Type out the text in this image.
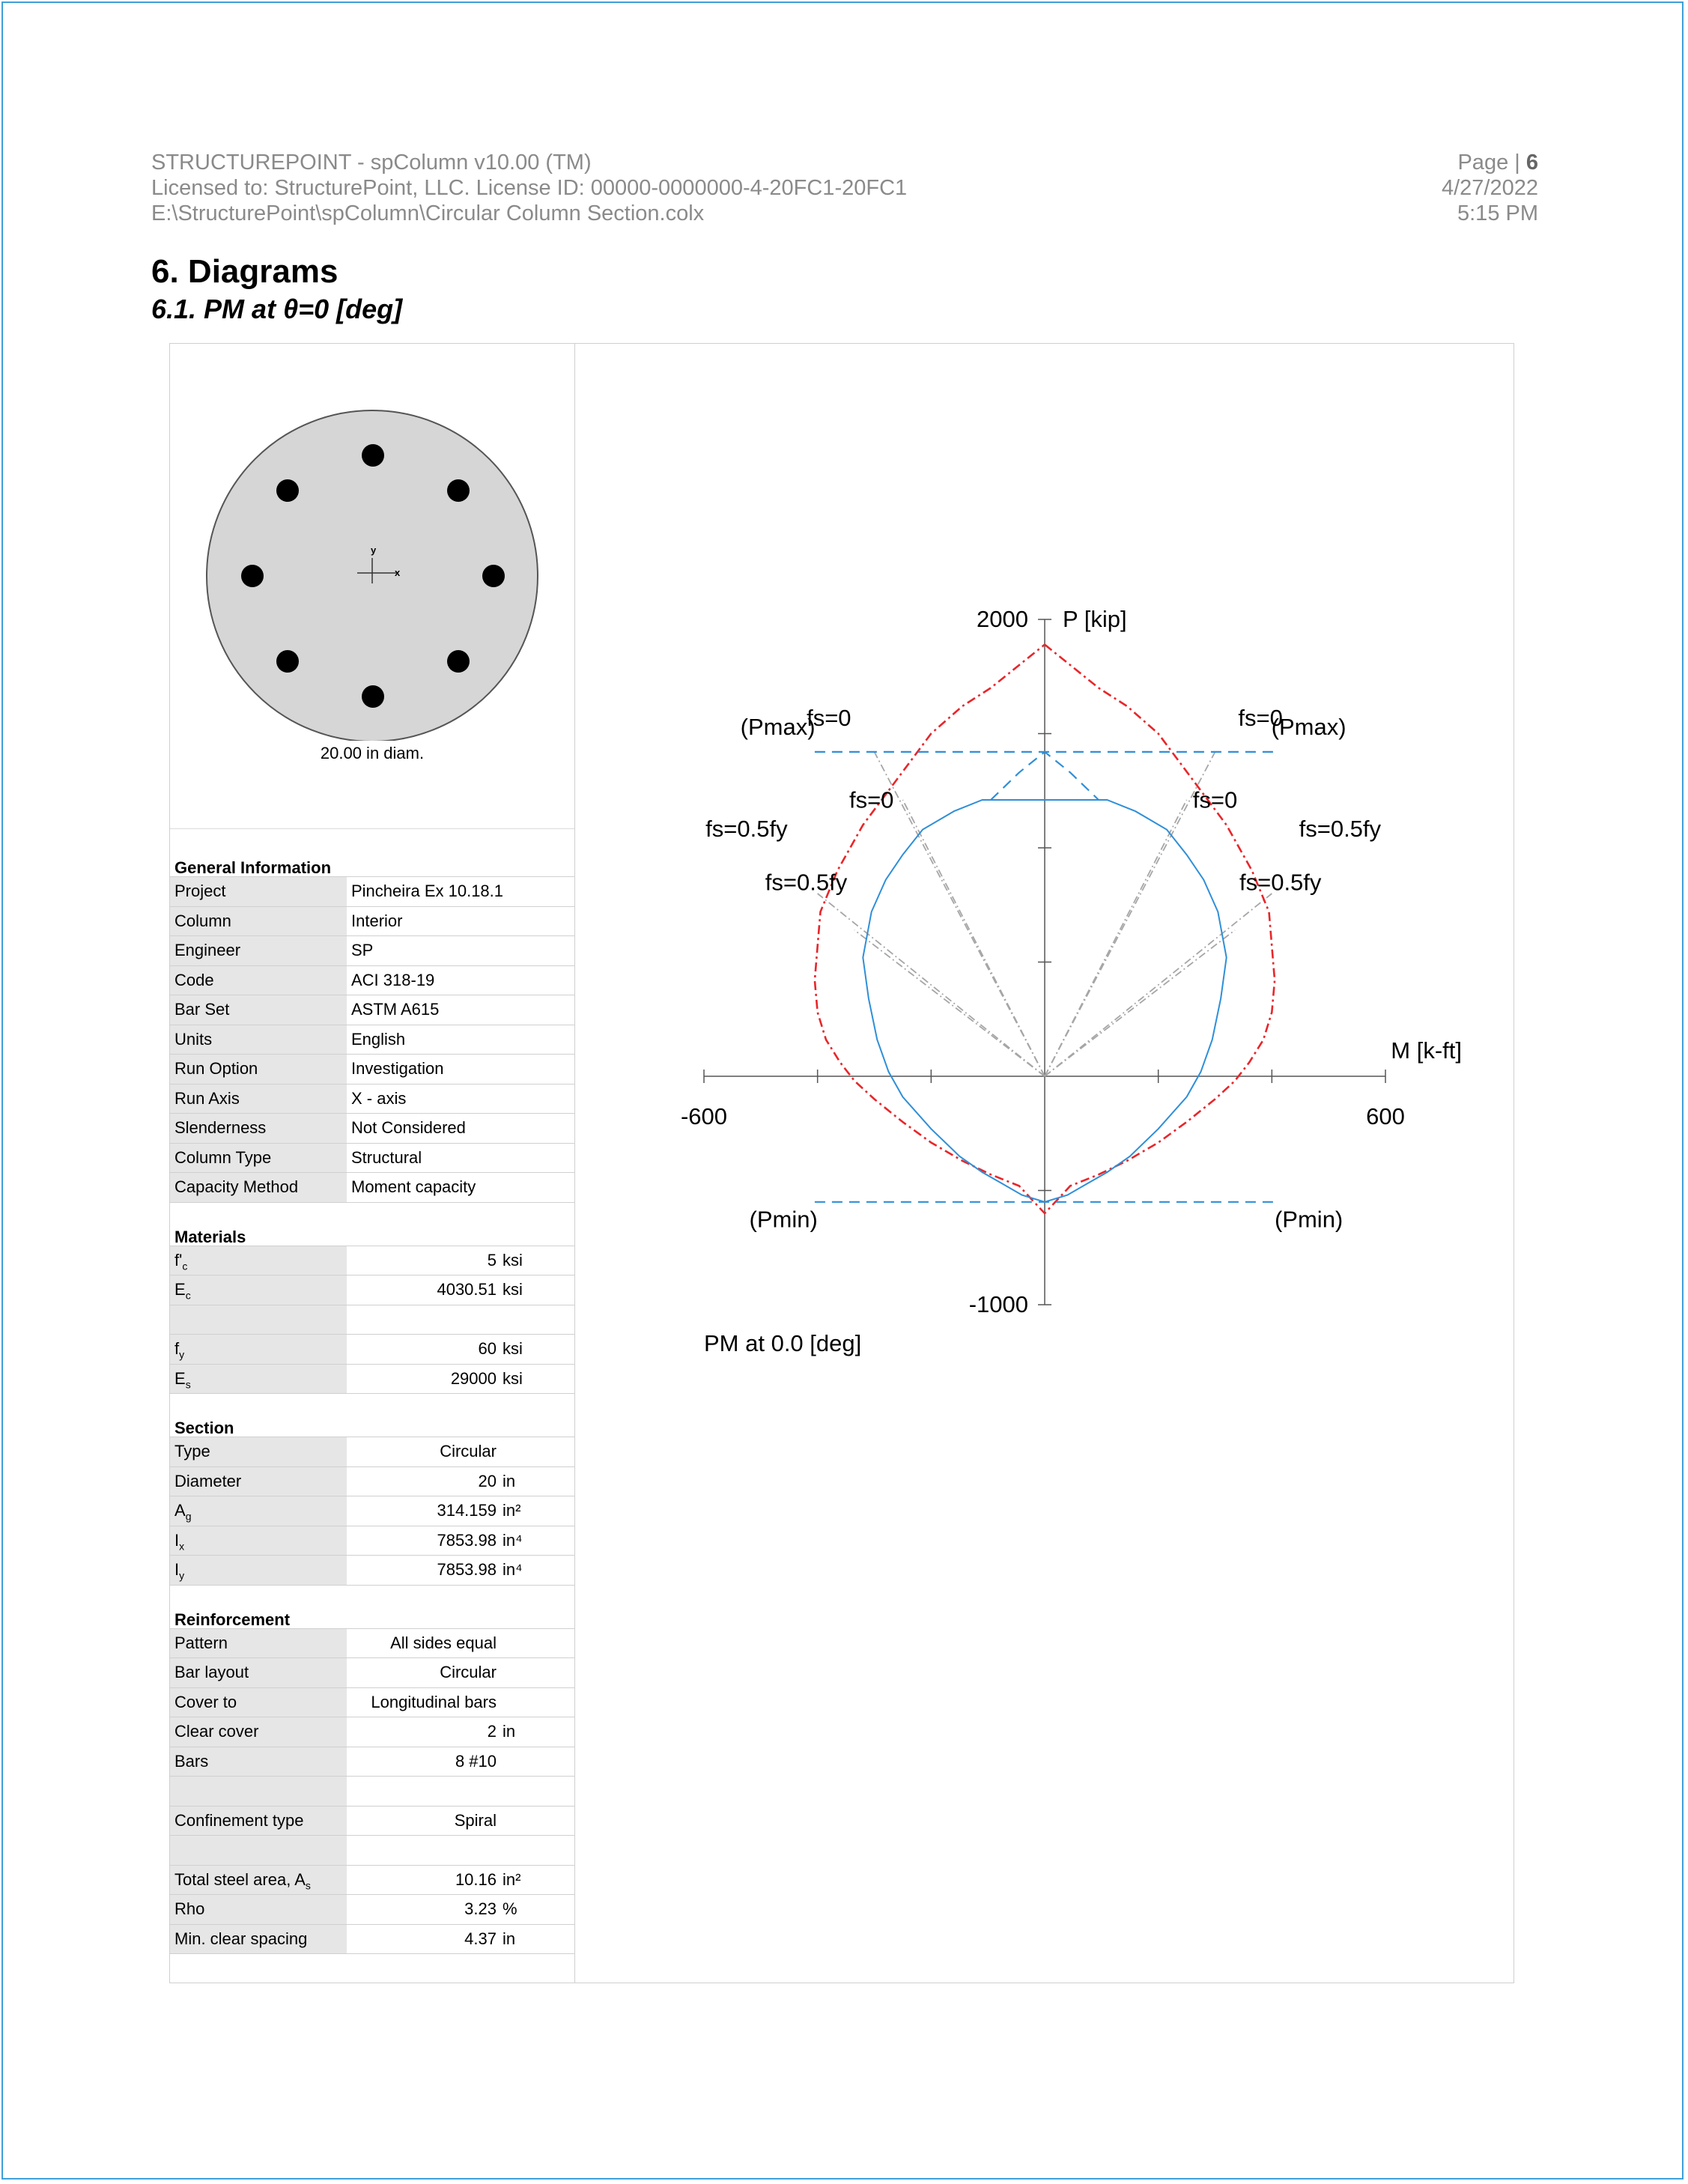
STRUCTUREPOINT - spColumn v10.00 (TM)
Licensed to: StructurePoint, LLC. License ID: 00000-0000000-4-20FC1-20FC1
E:\StructurePoint\spColumn\Circular Column Section.colx
Page | 6
4/27/2022
5:15 PM
6. Diagrams
6.1. PM at θ=0 [deg]
x
y
20.00 in diam.
General Information
Project	Pincheira Ex 10.18.1
Column	Interior
Engineer	SP
Code	ACI 318-19
Bar Set	ASTM A615
Units	English
Run Option	Investigation
Run Axis	X - axis
Slenderness	Not Considered
Column Type	Structural
Capacity Method	Moment capacity
Materials
$f'_c$	5 ksi
$E_c$	4030.51 ksi
$f_y$	60 ksi
$E_s$	29000 ksi
Section
Type	Circular
Diameter	20 in
$A_g$	314.159 in²
$I_x$	7853.98 in⁴
$I_y$	7853.98 in⁴
Reinforcement
Pattern	All sides equal
Bar layout	Circular
Cover to	Longitudinal bars
Clear cover	2 in
Bars	8 #10
Confinement type	Spiral
Total steel area, $A_s$	10.16 in²
Rho	3.23 %
Min. clear spacing	4.37 in
2000 P [kip]
-600	600
M [k-ft]
-1000
PM at 0.0 [deg]
(Pmax)
fs=0	(Pmax)
fs=0
fs=0	fs=0
fs=0.5fy	fs=0.5fy
fs=0.5fy	fs=0.5fy
(Pmin)	(Pmin)
